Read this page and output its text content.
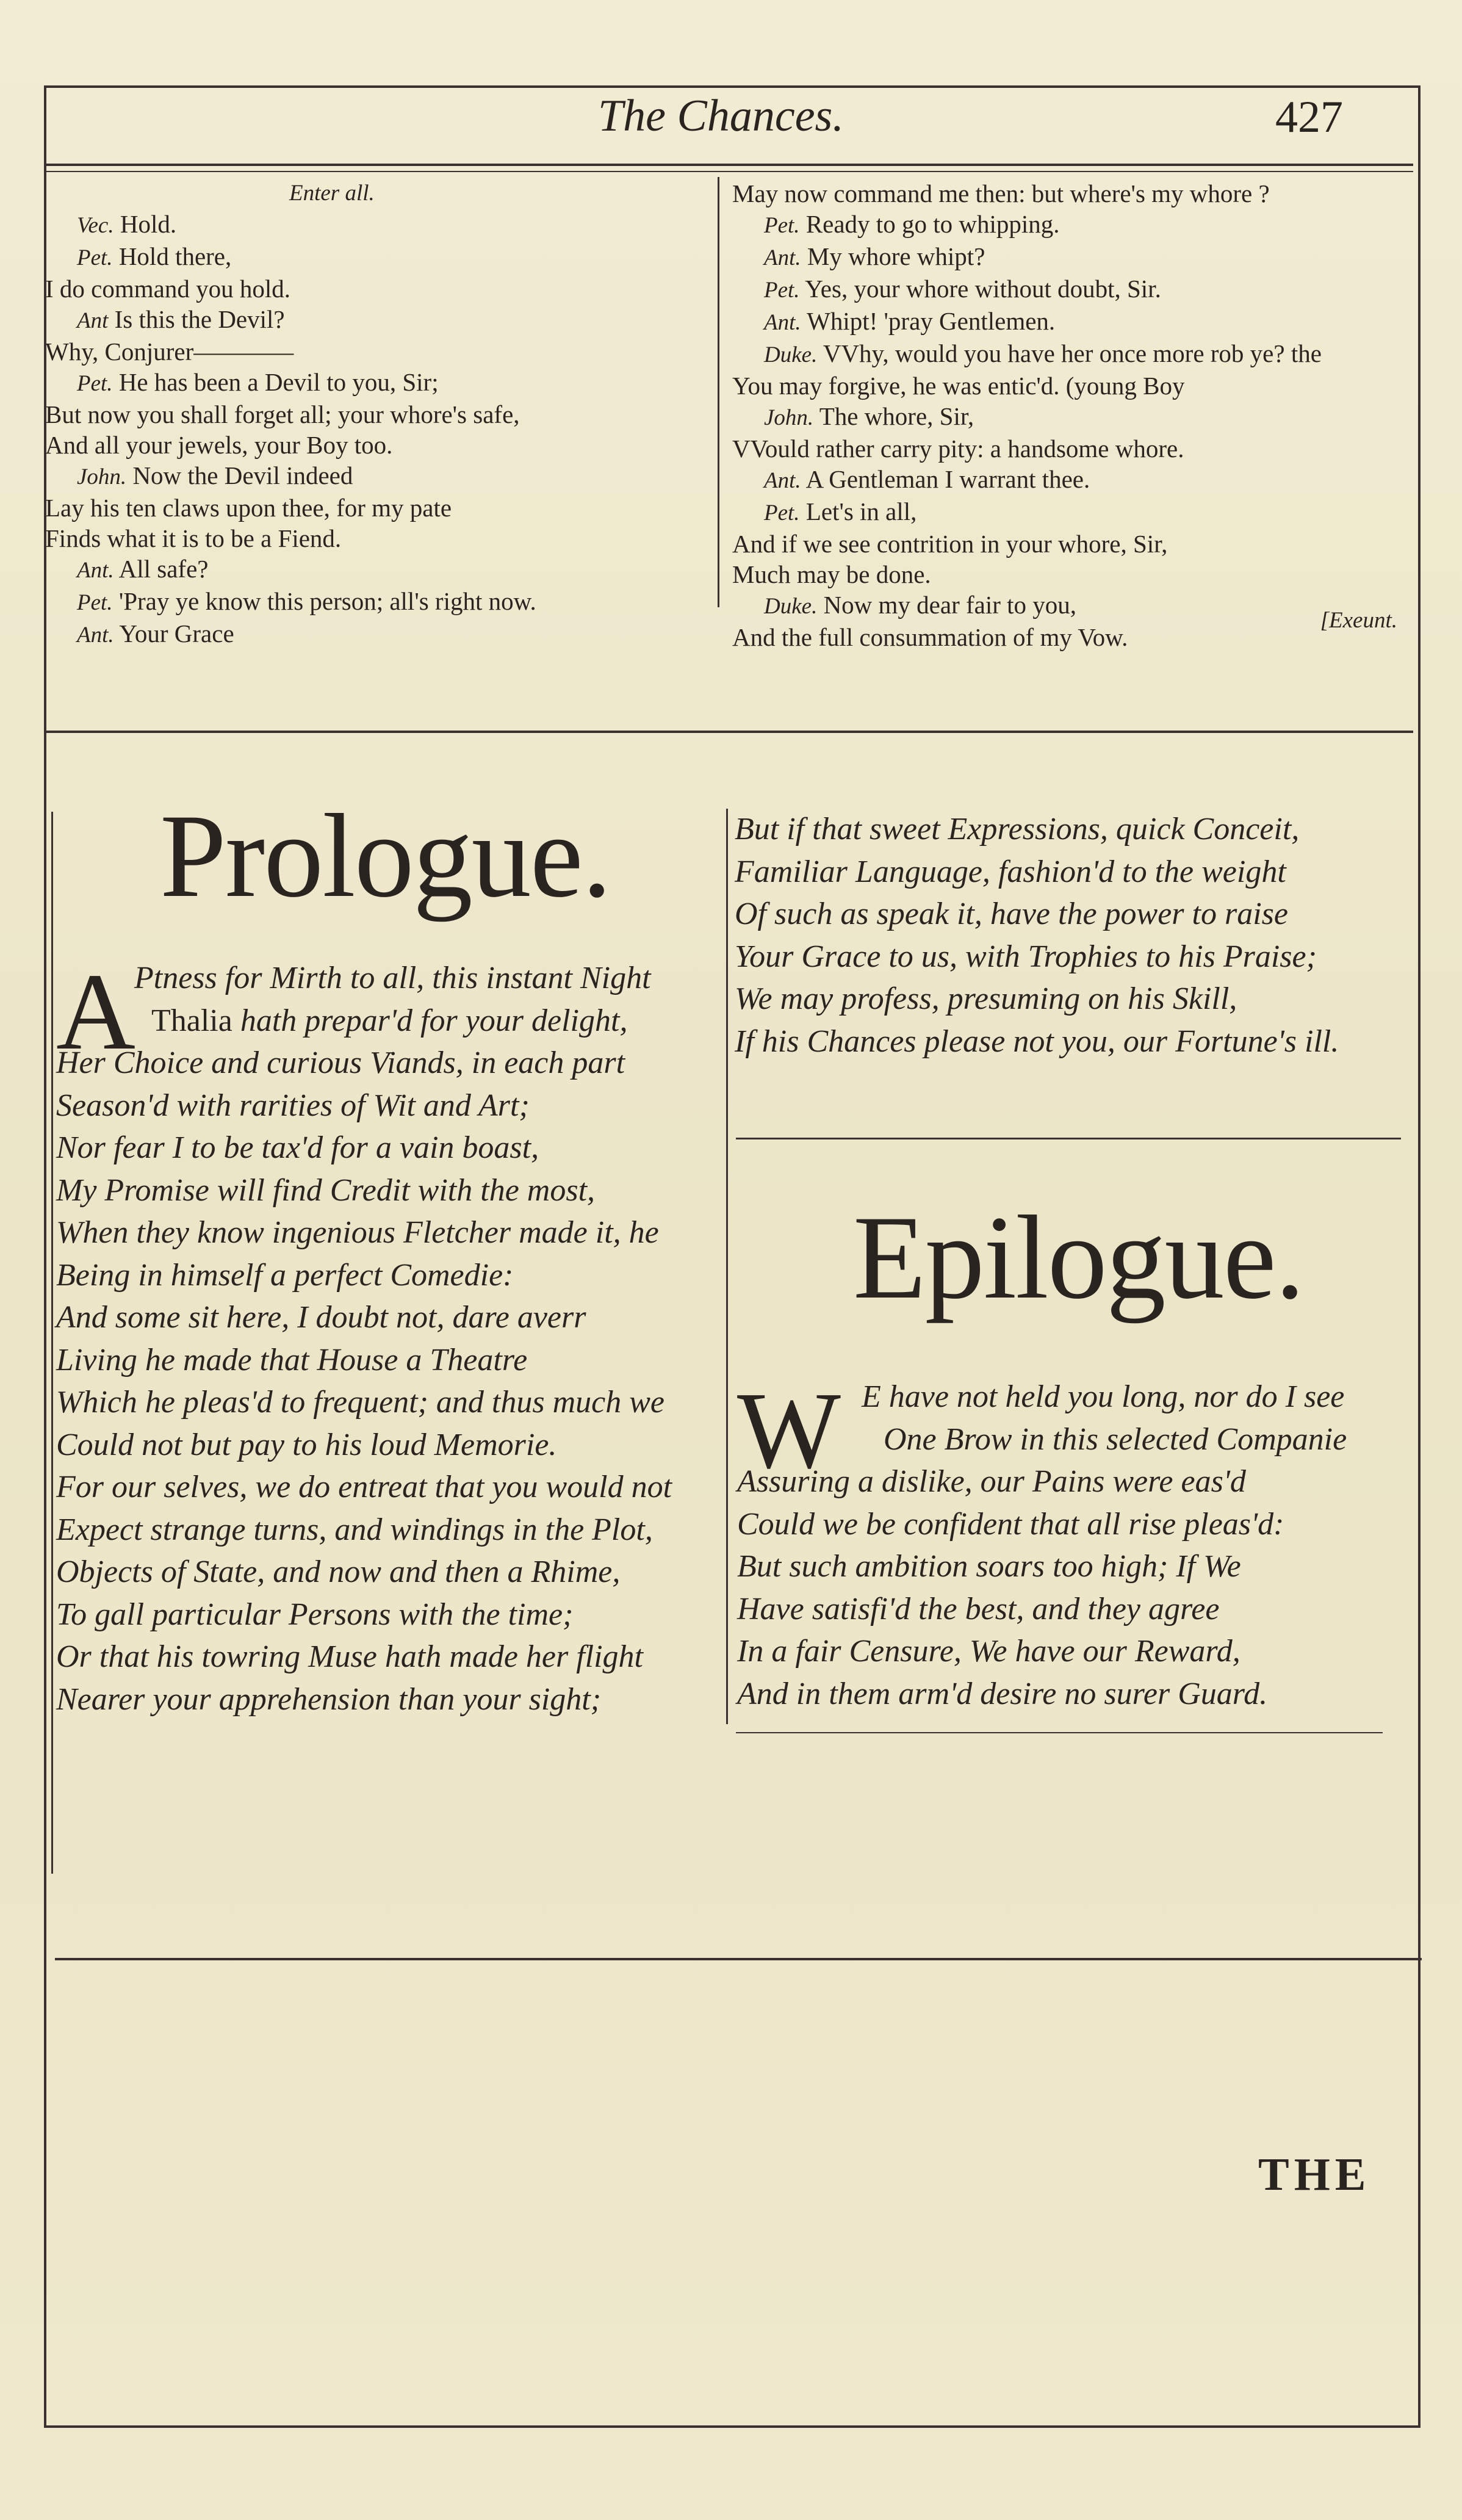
The Chances.	427
Enter all.
Vec. Hold.
Pet. Hold there,
I do command you hold.
Ant Is this the Devil?
Why, Conjurer————
Pet. He has been a Devil to you, Sir;
But now you shall forget all; your whore's safe,
And all your jewels, your Boy too.
John. Now the Devil indeed
Lay his ten claws upon thee, for my pate
Finds what it is to be a Fiend.
Ant. All safe?
Pet. 'Pray ye know this person; all's right now.
Ant. Your Grace
May now command me then: but where's my whore ?
Pet. Ready to go to whipping.
Ant. My whore whipt?
Pet. Yes, your whore without doubt, Sir.
Ant. Whipt! 'pray Gentlemen.
Duke. VVhy, would you have her once more rob ye? the
You may forgive, he was entic'd. (young Boy
John. The whore, Sir,
VVould rather carry pity: a handsome whore.
Ant. A Gentleman I warrant thee.
Pet. Let's in all,
And if we see contrition in your whore, Sir,
Much may be done.
Duke. Now my dear fair to you,
And the full consummation of my Vow.
[Exeunt.
Prologue.
A
Ptness for Mirth to all, this instant Night
Thalia hath prepar'd for your delight,
Her Choice and curious Viands, in each part
Season'd with rarities of Wit and Art;
Nor fear I to be tax'd for a vain boast,
My Promise will find Credit with the most,
When they know ingenious Fletcher made it, he
Being in himself a perfect Comedie:
And some sit here, I doubt not, dare averr
Living he made that House a Theatre
Which he pleas'd to frequent; and thus much we
Could not but pay to his loud Memorie.
For our selves, we do entreat that you would not
Expect strange turns, and windings in the Plot,
Objects of State, and now and then a Rhime,
To gall particular Persons with the time;
Or that his towring Muse hath made her flight
Nearer your apprehension than your sight;
But if that sweet Expressions, quick Conceit,
Familiar Language, fashion'd to the weight
Of such as speak it, have the power to raise
Your Grace to us, with Trophies to his Praise;
We may profess, presuming on his Skill,
If his Chances please not you, our Fortune's ill.
Epilogue.
W E have not held you long, nor do I see
One Brow in this selected Companie
Assuring a dislike, our Pains were eas'd
Could we be confident that all rise pleas'd:
But such ambition soars too high; If We
Have satisfi'd the best, and they agree
In a fair Censure, We have our Reward,
And in them arm'd desire no surer Guard.
THE
